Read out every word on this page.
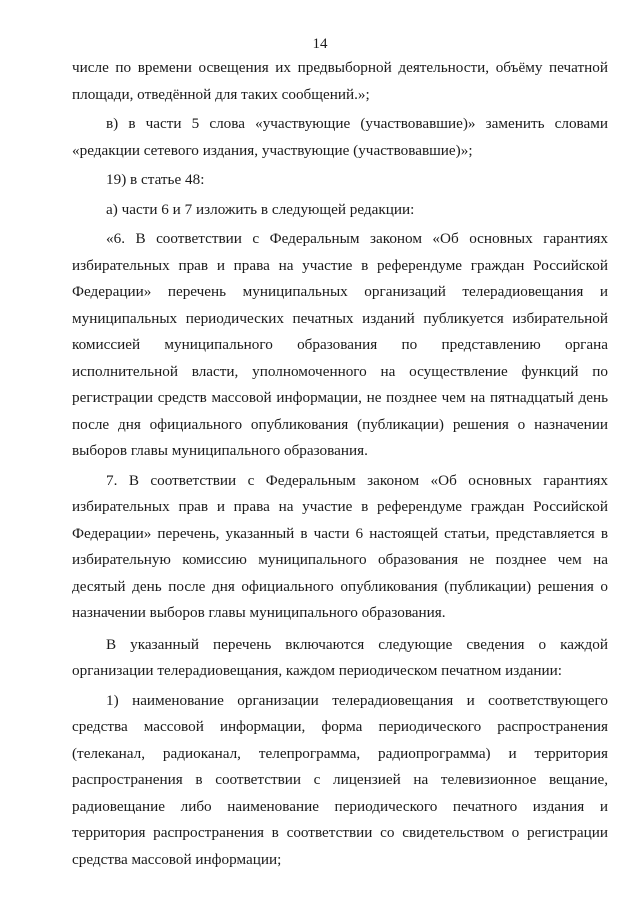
14

числе по времени освещения их предвыборной деятельности, объёму печатной площади, отведённой для таких сообщений.»;

в) в части 5 слова «участвующие (участвовавшие)» заменить словами «редакции сетевого издания, участвующие (участвовавшие)»;

19) в статье 48:

а) части 6 и 7 изложить в следующей редакции:

«6. В соответствии с Федеральным законом «Об основных гарантиях избирательных прав и права на участие в референдуме граждан Российской Федерации» перечень муниципальных организаций телерадиовещания и муниципальных периодических печатных изданий публикуется избирательной комиссией муниципального образования по представлению органа исполнительной власти, уполномоченного на осуществление функций по регистрации средств массовой информации, не позднее чем на пятнадцатый день после дня официального опубликования (публикации) решения о назначении выборов главы муниципального образования.

7. В соответствии с Федеральным законом «Об основных гарантиях избирательных прав и права на участие в референдуме граждан Российской Федерации» перечень, указанный в части 6 настоящей статьи, представляется в избирательную комиссию муниципального образования не позднее чем на десятый день после дня официального опубликования (публикации) решения о назначении выборов главы муниципального образования.

В указанный перечень включаются следующие сведения о каждой организации телерадиовещания, каждом периодическом печатном издании:

1) наименование организации телерадиовещания и соответствующего средства массовой информации, форма периодического распространения (телеканал, радиоканал, телепрограмма, радиопрограмма) и территория распространения в соответствии с лицензией на телевизионное вещание, радиовещание либо наименование периодического печатного издания и территория распространения в соответствии со свидетельством о регистрации средства массовой информации;
